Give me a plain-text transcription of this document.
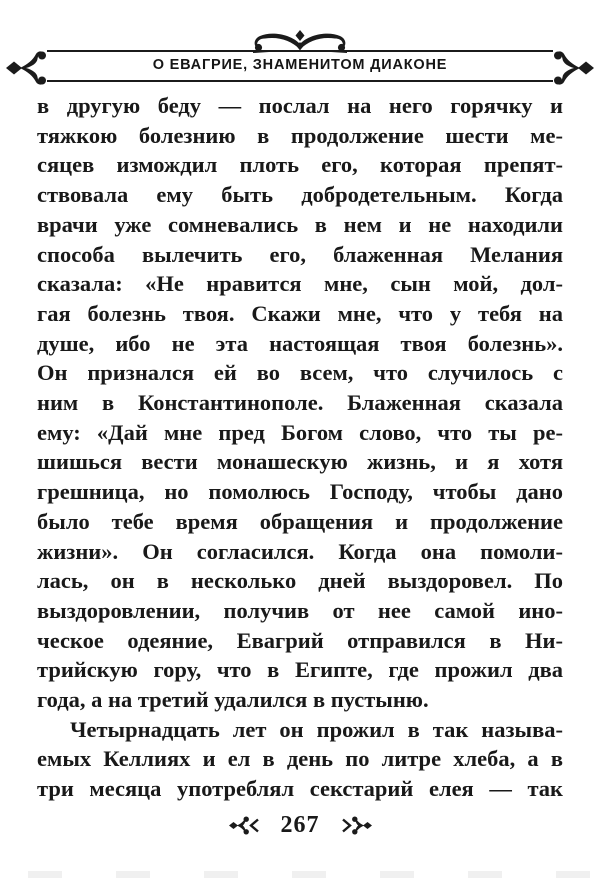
О ЕВАГРИЕ, ЗНАМЕНИТОМ ДИАКОНЕ
в другую беду — послал на него горячку и
тяжкою болезнию в продолжение шести ме-
сяцев измождил плоть его, которая препят-
ствовала ему быть добродетельным. Когда
врачи уже сомневались в нем и не находили
способа вылечить его, блаженная Мелания
сказала: «Не нравится мне, сын мой, дол-
гая болезнь твоя. Скажи мне, что у тебя на
душе, ибо не эта настоящая твоя болезнь».
Он признался ей во всем, что случилось с
ним в Константинополе. Блаженная сказала
ему: «Дай мне пред Богом слово, что ты ре-
шишься вести монашескую жизнь, и я хотя
грешница, но помолюсь Господу, чтобы дано
было тебе время обращения и продолжение
жизни». Он согласился. Когда она помоли-
лась, он в несколько дней выздоровел. По
выздоровлении, получив от нее самой ино-
ческое одеяние, Евагрий отправился в Ни-
трийскую гору, что в Египте, где прожил два
года, а на третий удалился в пустыню.
Четырнадцать лет он прожил в так называ-
емых Келлиях и ел в день по литре хлеба, а в
три месяца употреблял секстарий елея — так
267
